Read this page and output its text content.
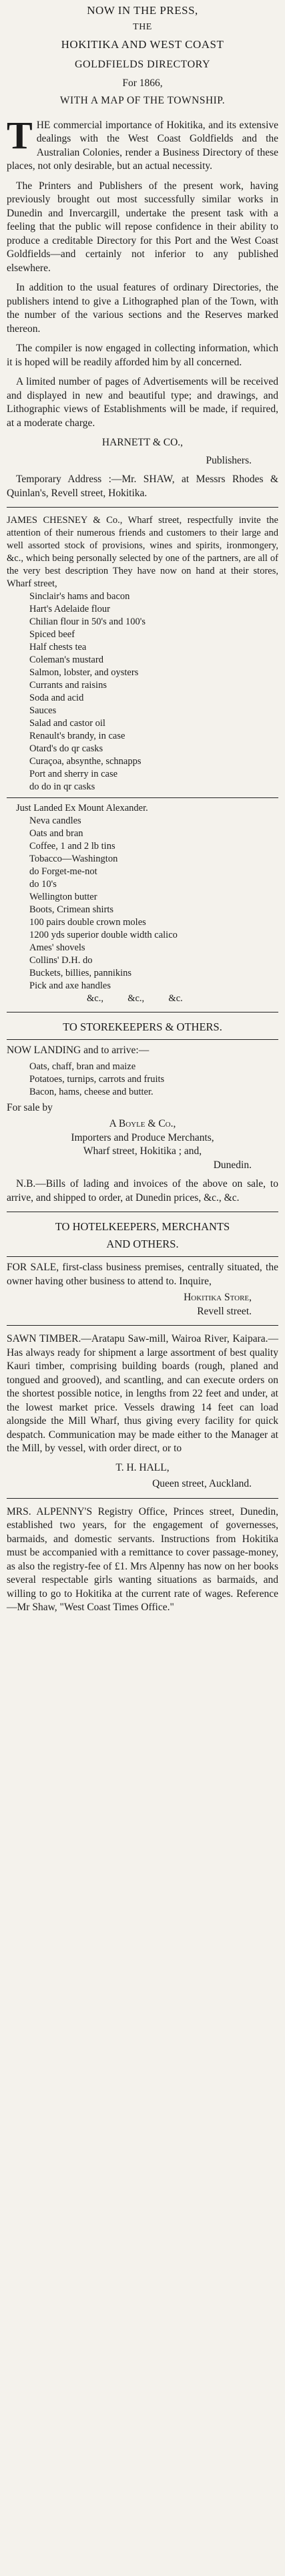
NOW IN THE PRESS,
THE
HOKITIKA AND WEST COAST
GOLDFIELDS DIRECTORY
For 1866,
WITH A MAP OF THE TOWNSHIP.

THE commercial importance of Hokitika, and its extensive dealings with the West Coast Goldfields and the Australian Colonies, render a Business Directory of these places, not only desirable, but an actual necessity.

The Printers and Publishers of the present work, having previously brought out most successfully similar works in Dunedin and Invercargill, undertake the present task with a feeling that the public will repose confidence in their ability to produce a creditable Directory for this Port and the West Coast Goldfields—and certainly not inferior to any published elsewhere.

In addition to the usual features of ordinary Directories, the publishers intend to give a Lithographed plan of the Town, with the number of the various sections and the Reserves marked thereon.

The compiler is now engaged in collecting information, which it is hoped will be readily afforded him by all concerned.

A limited number of pages of Advertisements will be received and displayed in new and beautiful type; and drawings, and Lithographic views of Establishments will be made, if required, at a moderate charge.

HARNETT & CO.,
Publishers.

Temporary Address :—Mr. SHAW, at Messrs Rhodes & Quinlan's, Revell street, Hokitika.

JAMES CHESNEY & Co., Wharf street, respectfully invite the attention of their numerous friends and customers to their large and well assorted stock of provisions, wines and spirits, ironmongery, &c., which being personally selected by one of the partners, are all of the very best description They have now on hand at their stores, Wharf street,

Sinclair's hams and bacon
Hart's Adelaide flour
Chilian flour in 50's and 100's
Spiced beef
Half chests tea
Coleman's mustard
Salmon, lobster, and oysters
Currants and raisins
Soda and acid
Sauces
Salad and castor oil
Renault's brandy, in case
Otard's do qr casks
Curaçoa, absynthe, schnapps
Port and sherry in case
do do in qr casks
Just Landed Ex Mount Alexander.
Neva candles
Oats and bran
Coffee, 1 and 2 lb tins
Tobacco—Washington
do Forget-me-not
do 10's
Wellington butter
Boots, Crimean shirts
100 pairs double crown moles
1200 yds superior double width calico
Ames' shovels
Collins' D.H. do
Buckets, billies, pannikins
Pick and axe handles
&c.,          &c.,          &c.
TO STOREKEEPERS & OTHERS.
NOW LANDING and to arrive:—
Oats, chaff, bran and maize
Potatoes, turnips, carrots and fruits
Bacon, hams, cheese and butter.
For sale by
A Boyle & Co.,
Importers and Produce Merchants,
Wharf street, Hokitika ; and,
Dunedin.

N.B.—Bills of lading and invoices of the above on sale, to arrive, and shipped to order, at Dunedin prices, &c., &c.

TO HOTELKEEPERS, MERCHANTS
AND OTHERS.

FOR SALE, first-class business premises, centrally situated, the owner having other business to attend to. Inquire,

Hokitika Store,
Revell street.

SAWN TIMBER.—Aratapu Saw-mill, Wairoa River, Kaipara.—Has always ready for shipment a large assortment of best quality Kauri timber, comprising building boards (rough, planed and tongued and grooved), and scantling, and can execute orders on the shortest possible notice, in lengths from 22 feet and under, at the lowest market price. Vessels drawing 14 feet can load alongside the Mill Wharf, thus giving every facility for quick despatch. Communication may be made either to the Manager at the Mill, by vessel, with order direct, or to

T. H. HALL,
Queen street, Auckland.

MRS. ALPENNY'S Registry Office, Princes street, Dunedin, established two years, for the engagement of governesses, barmaids, and domestic servants. Instructions from Hokitika must be accompanied with a remittance to cover passage-money, as also the registry-fee of £1. Mrs Alpenny has now on her books several respectable girls wanting situations as barmaids, and willing to go to Hokitika at the current rate of wages. Reference—Mr Shaw, "West Coast Times Office."
